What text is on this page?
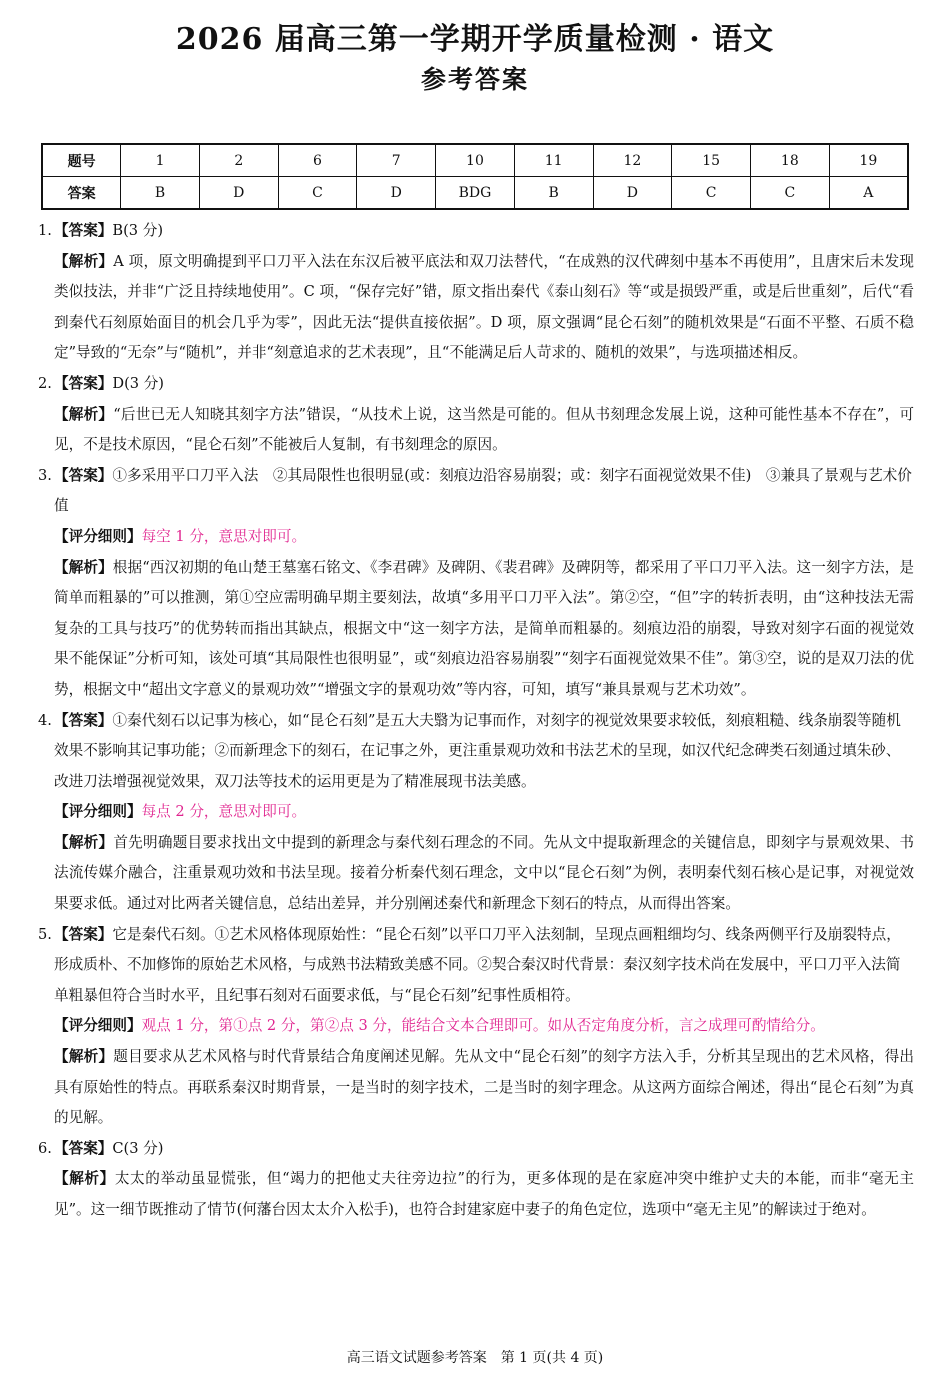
2026 届高三第一学期开学质量检测 · 语文
参考答案
题号	1	2	6	7	10	11	12	15	18	19
答案	B	D	C	D	BDG	B	D	C	C	A
1. 【答案】B(3 分)
【解析】A 项，原文明确提到平口刀平入法在东汉后被平底法和双刀法替代，“在成熟的汉代碑刻中基本不再使用”，且唐宋后未发现类似技法，并非“广泛且持续地使用”。C 项，“保存完好”错，原文指出秦代《泰山刻石》等“或是损毁严重，或是后世重刻”，后代“看到秦代石刻原始面目的机会几乎为零”，因此无法“提供直接依据”。D 项，原文强调“昆仑石刻”的随机效果是“石面不平整、石质不稳定”导致的“无奈”与“随机”，并非“刻意追求的艺术表现”，且“不能满足后人苛求的、随机的效果”，与选项描述相反。
2. 【答案】D(3 分)
【解析】“后世已无人知晓其刻字方法”错误，“从技术上说，这当然是可能的。但从书刻理念发展上说，这种可能性基本不存在”，可见，不是技术原因，“昆仑石刻”不能被后人复制，有书刻理念的原因。
3. 【答案】①多采用平口刀平入法　②其局限性也很明显(或：刻痕边沿容易崩裂；或：刻字石面视觉效果不佳)　③兼具了景观与艺术价值
【评分细则】每空 1 分，意思对即可。
【解析】根据“西汉初期的龟山楚王墓塞石铭文、《李君碑》及碑阴、《裴君碑》及碑阴等，都采用了平口刀平入法。这一刻字方法，是简单而粗暴的”可以推测，第①空应需明确早期主要刻法，故填“多用平口刀平入法”。第②空，“但”字的转折表明，由“这种技法无需复杂的工具与技巧”的优势转而指出其缺点，根据文中“这一刻字方法，是简单而粗暴的。刻痕边沿的崩裂，导致对刻字石面的视觉效果不能保证”分析可知，该处可填“其局限性也很明显”，或“刻痕边沿容易崩裂”“刻字石面视觉效果不佳”。第③空，说的是双刀法的优势，根据文中“超出文字意义的景观功效”“增强文字的景观功效”等内容，可知，填写“兼具景观与艺术功效”。
4. 【答案】①秦代刻石以记事为核心，如“昆仑石刻”是五大夫翳为记事而作，对刻字的视觉效果要求较低，刻痕粗糙、线条崩裂等随机效果不影响其记事功能；②而新理念下的刻石，在记事之外，更注重景观功效和书法艺术的呈现，如汉代纪念碑类石刻通过填朱砂、改进刀法增强视觉效果，双刀法等技术的运用更是为了精准展现书法美感。
【评分细则】每点 2 分，意思对即可。
【解析】首先明确题目要求找出文中提到的新理念与秦代刻石理念的不同。先从文中提取新理念的关键信息，即刻字与景观效果、书法流传媒介融合，注重景观功效和书法呈现。接着分析秦代刻石理念，文中以“昆仑石刻”为例，表明秦代刻石核心是记事，对视觉效果要求低。通过对比两者关键信息，总结出差异，并分别阐述秦代和新理念下刻石的特点，从而得出答案。
5. 【答案】它是秦代石刻。①艺术风格体现原始性：“昆仑石刻”以平口刀平入法刻制，呈现点画粗细均匀、线条两侧平行及崩裂特点，形成质朴、不加修饰的原始艺术风格，与成熟书法精致美感不同。②契合秦汉时代背景：秦汉刻字技术尚在发展中，平口刀平入法简单粗暴但符合当时水平，且纪事石刻对石面要求低，与“昆仑石刻”纪事性质相符。
【评分细则】观点 1 分，第①点 2 分，第②点 3 分，能结合文本合理即可。如从否定角度分析，言之成理可酌情给分。
【解析】题目要求从艺术风格与时代背景结合角度阐述见解。先从文中“昆仑石刻”的刻字方法入手，分析其呈现出的艺术风格，得出具有原始性的特点。再联系秦汉时期背景，一是当时的刻字技术，二是当时的刻字理念。从这两方面综合阐述，得出“昆仑石刻”为真的见解。
6. 【答案】C(3 分)
【解析】太太的举动虽显慌张，但“竭力的把他丈夫往旁边拉”的行为，更多体现的是在家庭冲突中维护丈夫的本能，而非“毫无主见”。这一细节既推动了情节(何藩台因太太介入松手)，也符合封建家庭中妻子的角色定位，选项中“毫无主见”的解读过于绝对。
高三语文试题参考答案　第 1 页(共 4 页)
